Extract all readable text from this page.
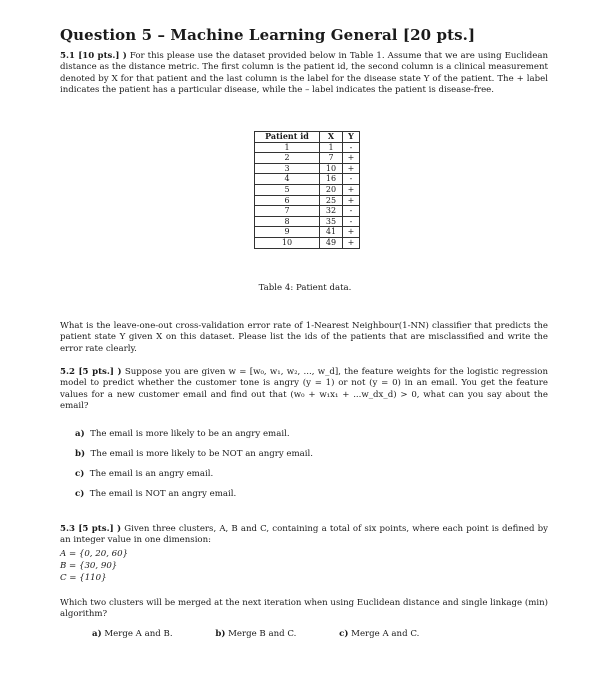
Question 5 – Machine Learning General [20 pts.]
5.1 [10 pts.] ) For this please use the dataset provided below in Table 1. Assume that we are using Euclidean distance as the distance metric. The first column is the patient id, the second column is a clinical measurement denoted by X for that patient and the last column is the label for the disease state Y of the patient. The + label indicates the patient has a particular disease, while the – label indicates the patient is disease-free.
Patient id	X	Y
1	1	-
2	7	+
3	10	+
4	16	-
5	20	+
6	25	+
7	32	-
8	35	-
9	41	+
10	49	+
Table 4: Patient data.
What is the leave-one-out cross-validation error rate of 1-Nearest Neighbour(1-NN) classifier that predicts the patient state Y given X on this dataset. Please list the ids of the patients that are misclassified and write the error rate clearly.
5.2 [5 pts.] ) Suppose you are given w = [w₀, w₁, w₂, ..., w_d], the feature weights for the logistic regression model to predict whether the customer tone is angry (y = 1) or not (y = 0) in an email. You get the feature values for a new customer email and find out that (w₀ + w₁x₁ + ...w_dx_d) > 0, what can you say about the email?
a) The email is more likely to be an angry email.
b) The email is more likely to be NOT an angry email.
c) The email is an angry email.
c) The email is NOT an angry email.
5.3 [5 pts.] ) Given three clusters, A, B and C, containing a total of six points, where each point is defined by an integer value in one dimension:
A = {0, 20, 60}
B = {30, 90}
C = {110}
Which two clusters will be merged at the next iteration when using Euclidean distance and single linkage (min) algorithm?
a) Merge A and B.	b) Merge B and C.	c) Merge A and C.
